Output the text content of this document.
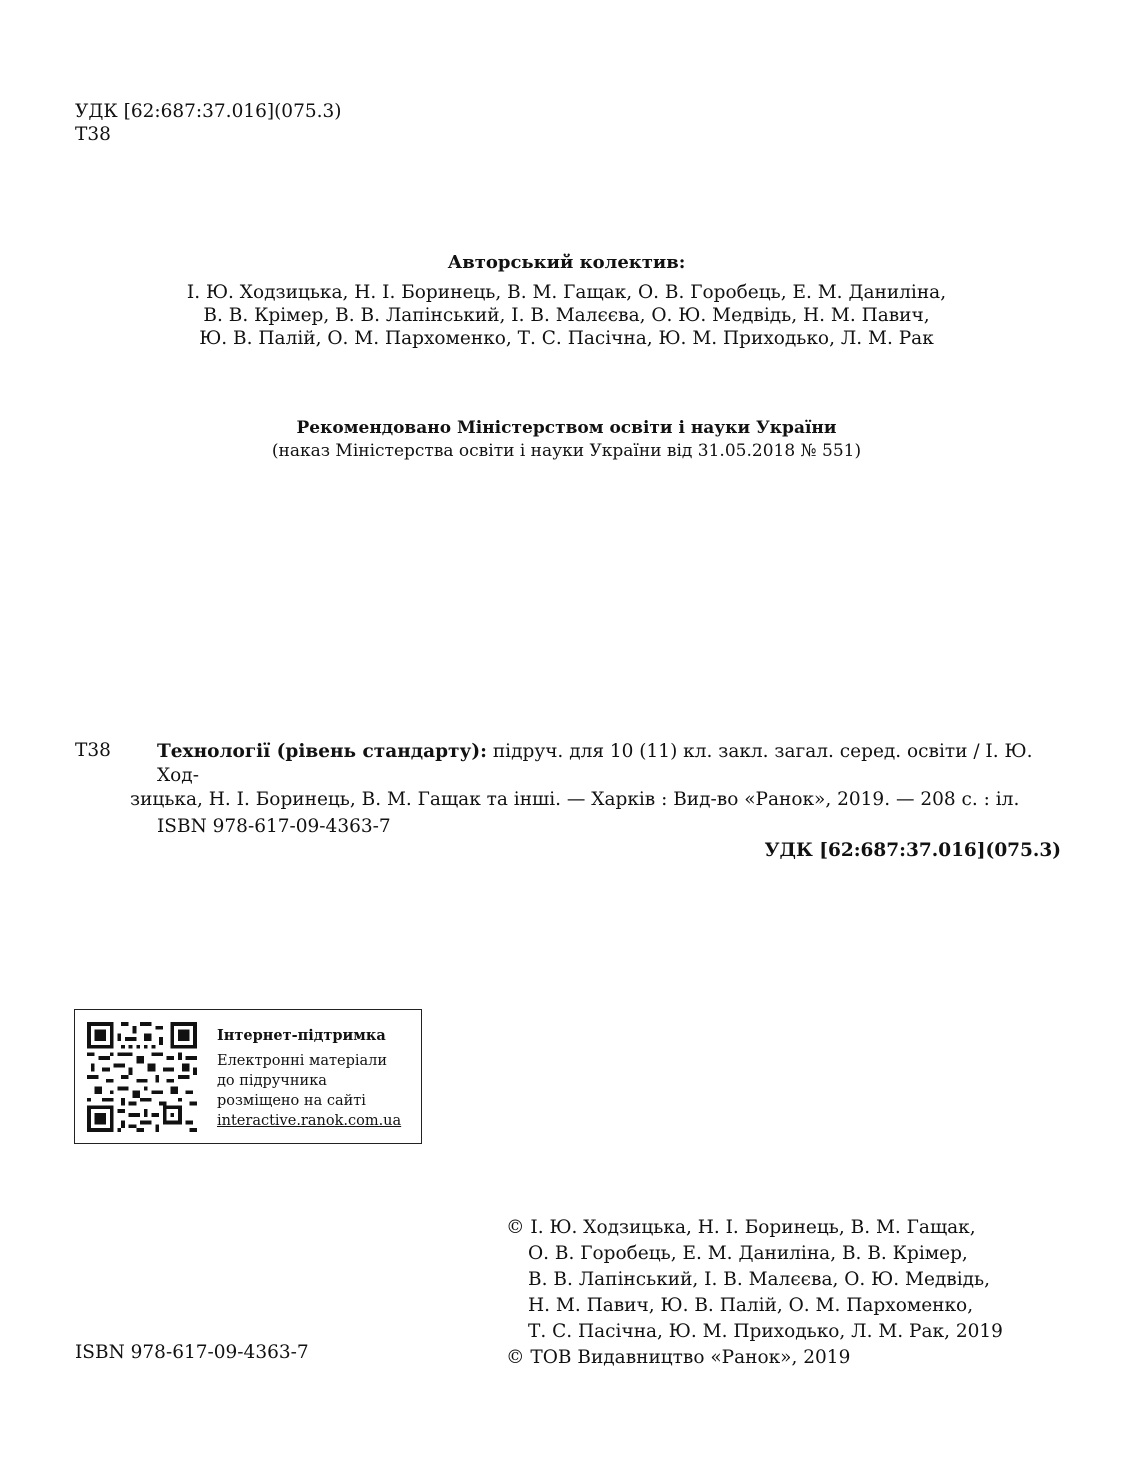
УДК [62:687:37.016](075.3)
Т38
Авторський колектив:
І. Ю. Ходзицька, Н. І. Боринець, В. М. Гащак, О. В. Горобець, Е. М. Даниліна,
В. В. Крімер, В. В. Лапінський, І. В. Малєєва, О. Ю. Медвідь, Н. М. Павич,
Ю. В. Палій, О. М. Пархоменко, Т. С. Пасічна, Ю. М. Приходько, Л. М. Рак
Рекомендовано Міністерством освіти і науки України
(наказ Міністерства освіти і науки України від 31.05.2018 № 551)
Т38 Технології (рівень стандарту): підруч. для 10 (11) кл. закл. загал. серед. освіти / І. Ю. Ход-
зицька, Н. І. Боринець, В. М. Гащак та інші. — Харків : Вид-во «Ранок», 2019. — 208 с. : іл.
ISBN 978-617-09-4363-7
УДК [62:687:37.016](075.3)
Інтернет-підтримка
Електронні матеріали
до підручника
розміщено на сайті
interactive.ranok.com.ua
© І. Ю. Ходзицька, Н. І. Боринець, В. М. Гащак,
О. В. Горобець, Е. М. Даниліна, В. В. Крімер,
В. В. Лапінський, І. В. Малєєва, О. Ю. Медвідь,
Н. М. Павич, Ю. В. Палій, О. М. Пархоменко,
Т. С. Пасічна, Ю. М. Приходько, Л. М. Рак, 2019
© ТОВ Видавництво «Ранок», 2019
ISBN 978-617-09-4363-7
